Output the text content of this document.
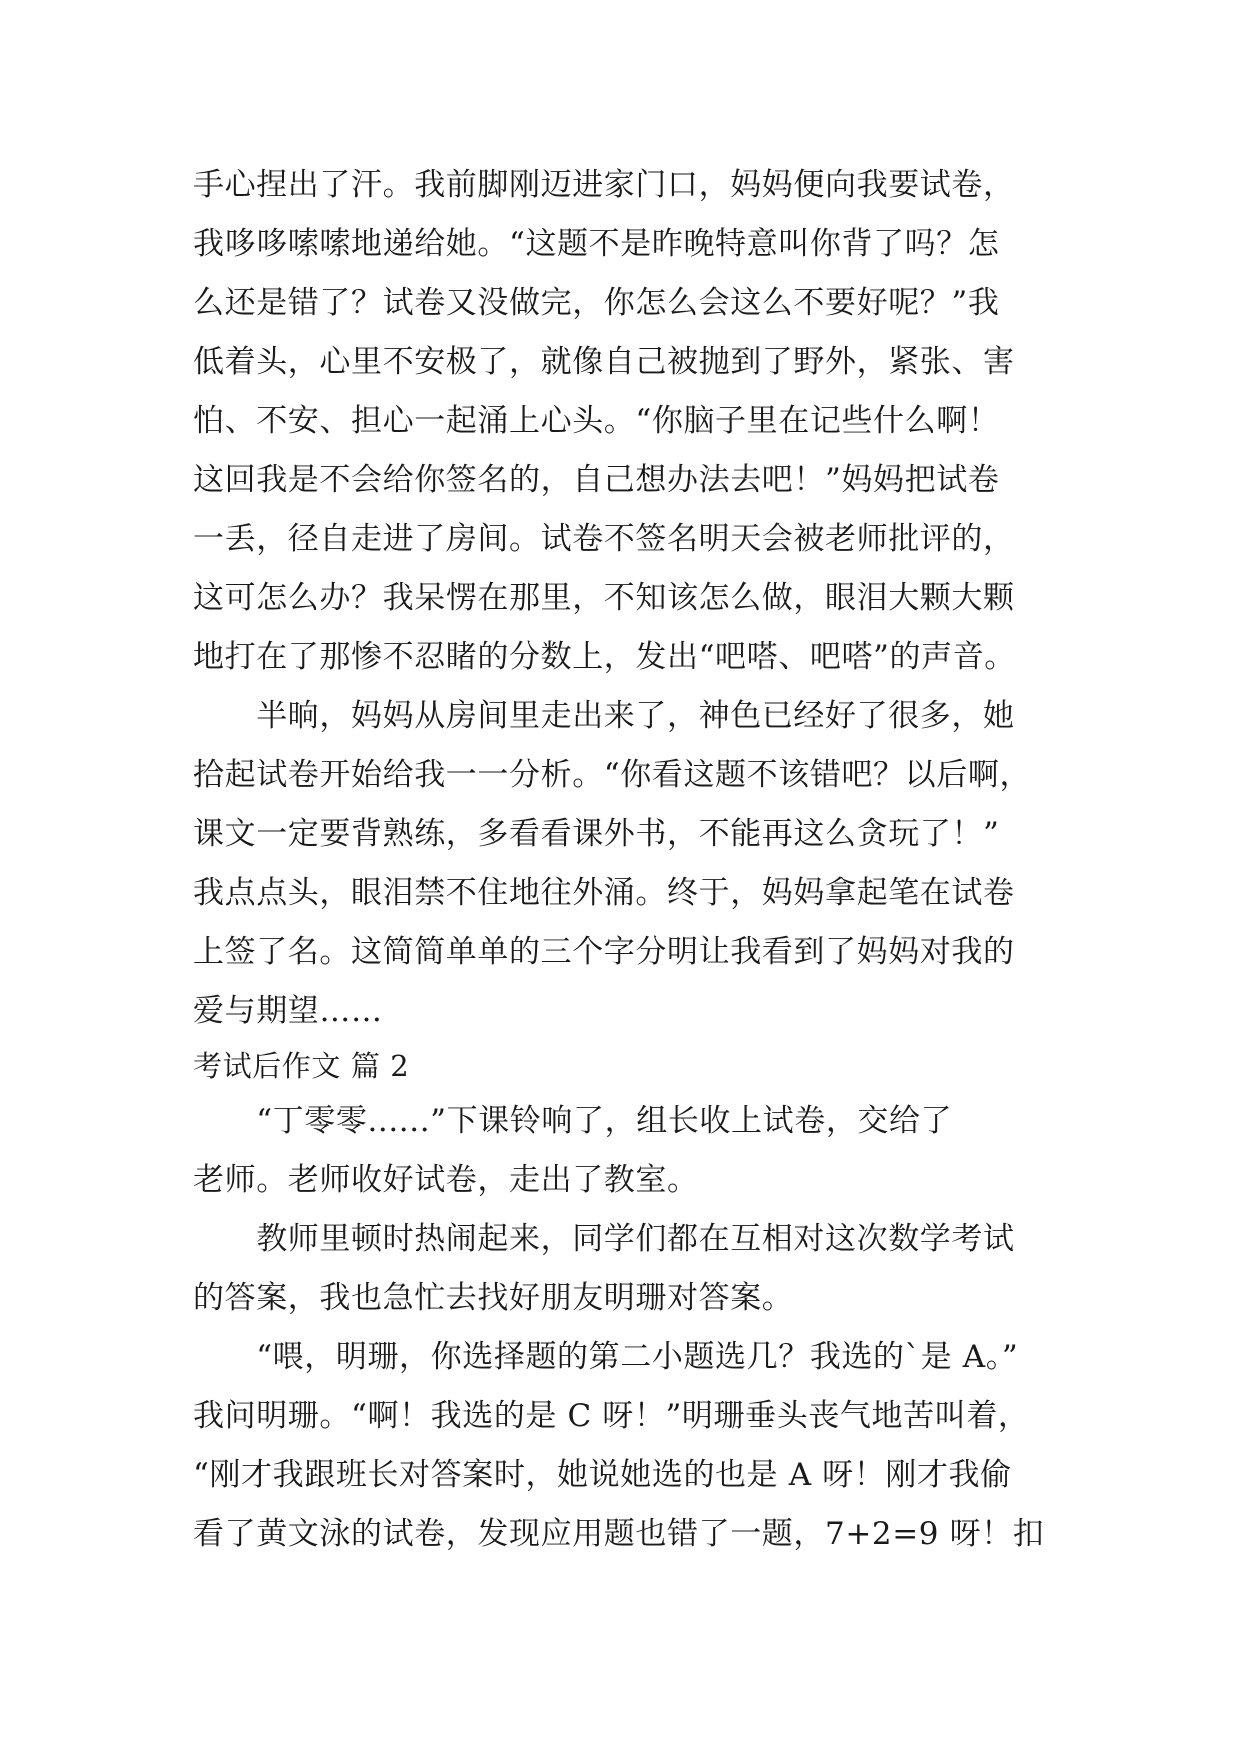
手心捏出了汗。我前脚刚迈进家门口，妈妈便向我要试卷，
我哆哆嗦嗦地递给她。“这题不是昨晚特意叫你背了吗？怎
么还是错了？试卷又没做完，你怎么会这么不要好呢？”我
低着头，心里不安极了，就像自己被抛到了野外，紧张、害
怕、不安、担心一起涌上心头。“你脑子里在记些什么啊！
这回我是不会给你签名的，自己想办法去吧！”妈妈把试卷
一丢，径自走进了房间。试卷不签名明天会被老师批评的，
这可怎么办？我呆愣在那里，不知该怎么做，眼泪大颗大颗
地打在了那惨不忍睹的分数上，发出“吧嗒、吧嗒”的声音。
　　半晌，妈妈从房间里走出来了，神色已经好了很多，她
拾起试卷开始给我一一分析。“你看这题不该错吧？以后啊，
课文一定要背熟练，多看看课外书，不能再这么贪玩了！”
我点点头，眼泪禁不住地往外涌。终于，妈妈拿起笔在试卷
上签了名。这简简单单的三个字分明让我看到了妈妈对我的
爱与期望……
考试后作文 篇 2
　　“丁零零......”下课铃响了，组长收上试卷，交给了
老师。老师收好试卷，走出了教室。
　　教师里顿时热闹起来，同学们都在互相对这次数学考试
的答案，我也急忙去找好朋友明珊对答案。
　　“喂，明珊，你选择题的第二小题选几？我选的`是 A。”
我问明珊。“啊！我选的是 C 呀！”明珊垂头丧气地苦叫着，
“刚才我跟班长对答案时，她说她选的也是 A 呀！刚才我偷
看了黄文泳的试卷，发现应用题也错了一题，7+2=9 呀！扣
